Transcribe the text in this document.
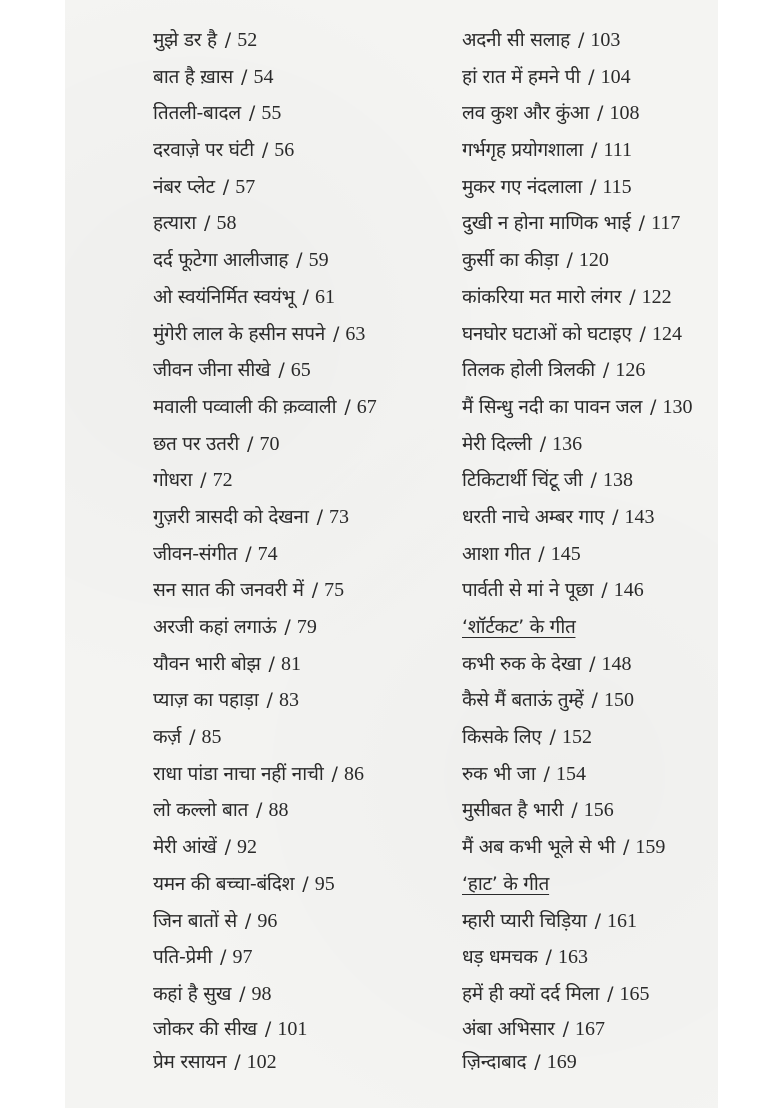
मुझे डर है / 52
बात है ख़ास / 54
तितली-बादल / 55
दरवाज़े पर घंटी / 56
नंबर प्लेट / 57
हत्यारा / 58
दर्द फूटेगा आलीजाह / 59
ओ स्वयंनिर्मित स्वयंभू / 61
मुंगेरी लाल के हसीन सपने / 63
जीवन जीना सीखे / 65
मवाली पव्वाली की क़व्वाली / 67
छत पर उतरी / 70
गोधरा / 72
गुज़री त्रासदी को देखना / 73
जीवन-संगीत / 74
सन सात की जनवरी में / 75
अरजी कहां लगाऊं / 79
यौवन भारी बोझ / 81
प्याज़ का पहाड़ा / 83
कर्ज़ / 85
राधा पांडा नाचा नहीं नाची / 86
लो कल्लो बात / 88
मेरी आंखें / 92
यमन की बच्चा-बंदिश / 95
जिन बातों से / 96
पति-प्रेमी / 97
कहां है सुख / 98
जोकर की सीख / 101
प्रेम रसायन / 102
अदनी सी सलाह / 103
हां रात में हमने पी / 104
लव कुश और कुंआ / 108
गर्भगृह प्रयोगशाला / 111
मुकर गए नंदलाला / 115
दुखी न होना माणिक भाई / 117
कुर्सी का कीड़ा / 120
कांकरिया मत मारो लंगर / 122
घनघोर घटाओं को घटाइए / 124
तिलक होली त्रिलकी / 126
मैं सिन्धु नदी का पावन जल / 130
मेरी दिल्ली / 136
टिकिटार्थी चिंटू जी / 138
धरती नाचे अम्बर गाए / 143
आशा गीत / 145
पार्वती से मां ने पूछा / 146
‘शॉर्टकट’ के गीत
कभी रुक के देखा / 148
कैसे मैं बताऊं तुम्हें / 150
किसके लिए / 152
रुक भी जा / 154
मुसीबत है भारी / 156
मैं अब कभी भूले से भी / 159
‘हाट’ के गीत
म्हारी प्यारी चिड़िया / 161
धड़ धमचक / 163
हमें ही क्यों दर्द मिला / 165
अंबा अभिसार / 167
ज़िन्दाबाद / 169
